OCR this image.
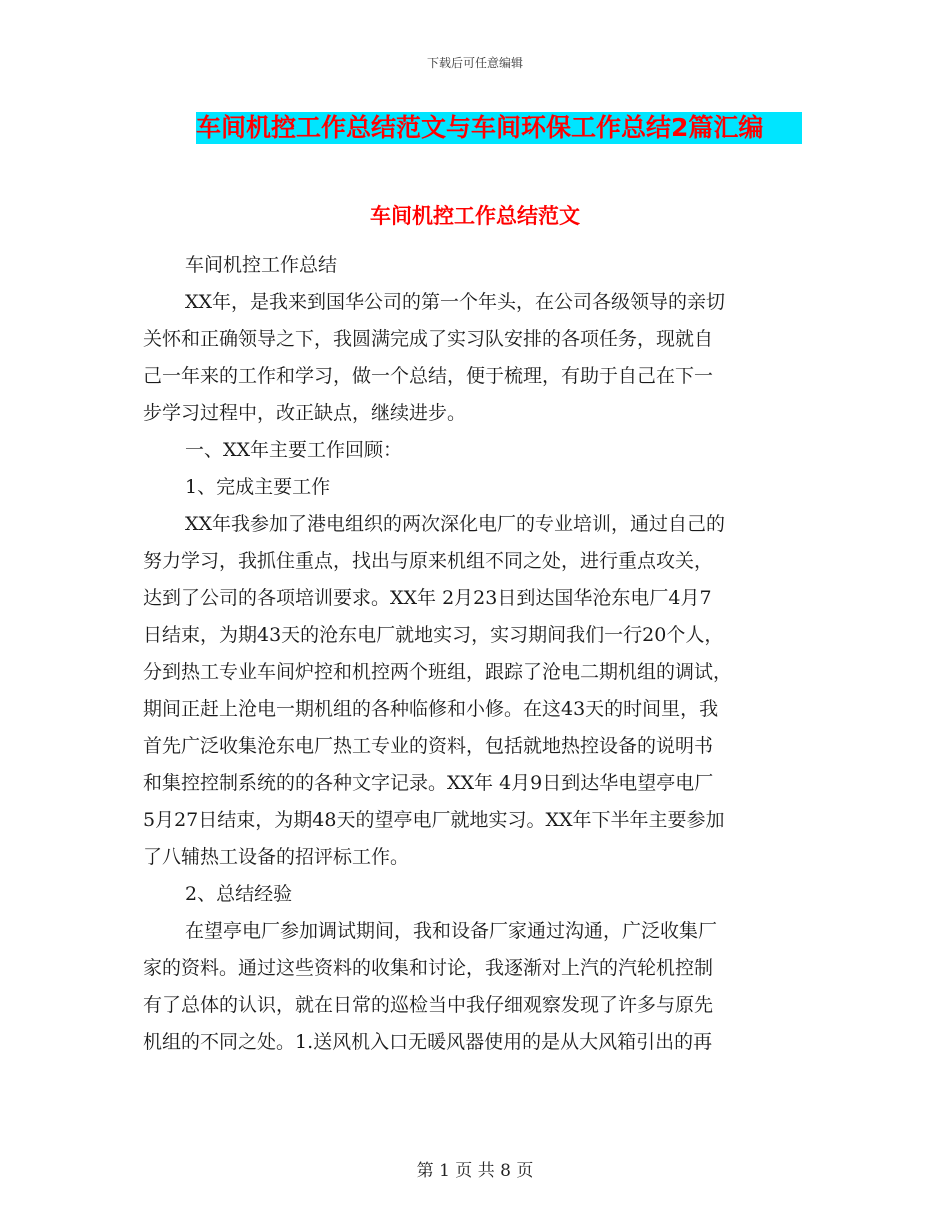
下载后可任意编辑
车间机控工作总结范文与车间环保工作总结2篇汇编
车间机控工作总结范文

车间机控工作总结

XX年，是我来到国华公司的第一个年头，在公司各级领导的亲切

关怀和正确领导之下，我圆满完成了实习队安排的各项任务，现就自

己一年来的工作和学习，做一个总结，便于梳理，有助于自己在下一

步学习过程中，改正缺点，继续进步。

一、XX年主要工作回顾：

1、完成主要工作

XX年我参加了港电组织的两次深化电厂的专业培训，通过自己的

努力学习，我抓住重点，找出与原来机组不同之处，进行重点攻关，

达到了公司的各项培训要求。XX年 2月23日到达国华沧东电厂4月7

日结束，为期43天的沧东电厂就地实习，实习期间我们一行20个人，

分到热工专业车间炉控和机控两个班组，跟踪了沧电二期机组的调试，

期间正赶上沧电一期机组的各种临修和小修。在这43天的时间里，我

首先广泛收集沧东电厂热工专业的资料，包括就地热控设备的说明书

和集控控制系统的的各种文字记录。XX年 4月9日到达华电望亭电厂

5月27日结束，为期48天的望亭电厂就地实习。XX年下半年主要参加

了八辅热工设备的招评标工作。

2、总结经验

在望亭电厂参加调试期间，我和设备厂家通过沟通，广泛收集厂

家的资料。通过这些资料的收集和讨论，我逐渐对上汽的汽轮机控制

有了总体的认识，就在日常的巡检当中我仔细观察发现了许多与原先

机组的不同之处。1.送风机入口无暖风器使用的是从大风箱引出的再

第 1 页 共 8 页
